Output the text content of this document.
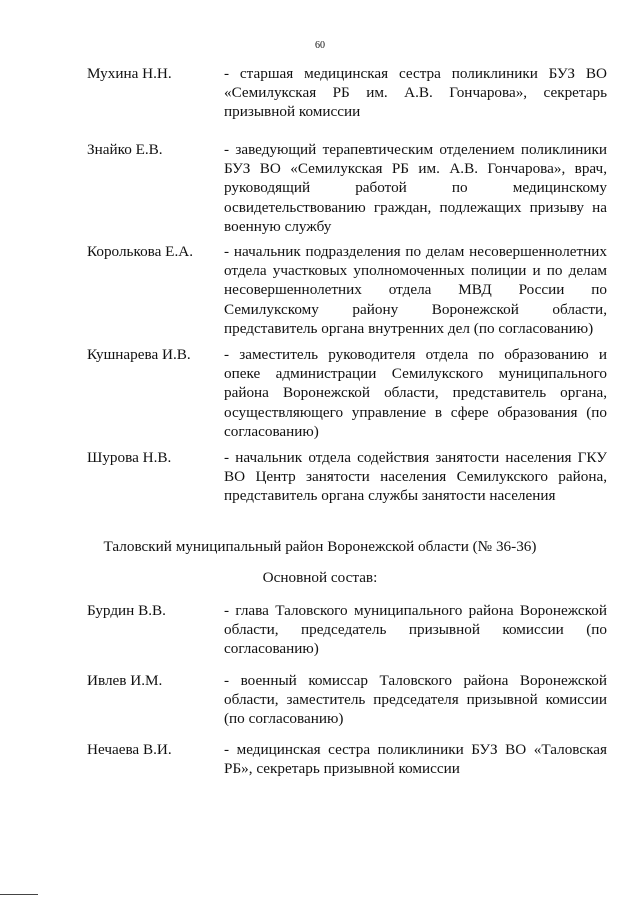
60
Мухина Н.Н.	- старшая медицинская сестра поликлиники БУЗ ВО «Семилукская РБ им. А.В. Гончарова», секретарь призывной комиссии
Знайко Е.В.	- заведующий терапевтическим отделением поликлиники БУЗ ВО «Семилукская РБ им. А.В. Гончарова», врач, руководящий работой по медицинскому освидетельствованию граждан, подлежащих призыву на военную службу
Королькова Е.А.	- начальник подразделения по делам несовершеннолетних отдела участковых уполномоченных полиции и по делам несовершеннолетних отдела МВД России по Семилукскому району Воронежской области, представитель органа внутренних дел (по согласованию)
Кушнарева И.В.	- заместитель руководителя отдела по образованию и опеке администрации Семилукского муниципального района Воронежской области, представитель органа, осуществляющего управление в сфере образования (по согласованию)
Шурова Н.В.	- начальник отдела содействия занятости населения ГКУ ВО Центр занятости населения Семилукского района, представитель органа службы занятости населения
Таловский муниципальный район Воронежской области (№ 36-36)
Основной состав:
Бурдин В.В.	- глава Таловского муниципального района Воронежской области, председатель призывной комиссии (по согласованию)
Ивлев И.М.	- военный комиссар Таловского района Воронежской области, заместитель председателя призывной комиссии (по согласованию)
Нечаева В.И.	- медицинская сестра поликлиники БУЗ ВО «Таловская РБ», секретарь призывной комиссии
